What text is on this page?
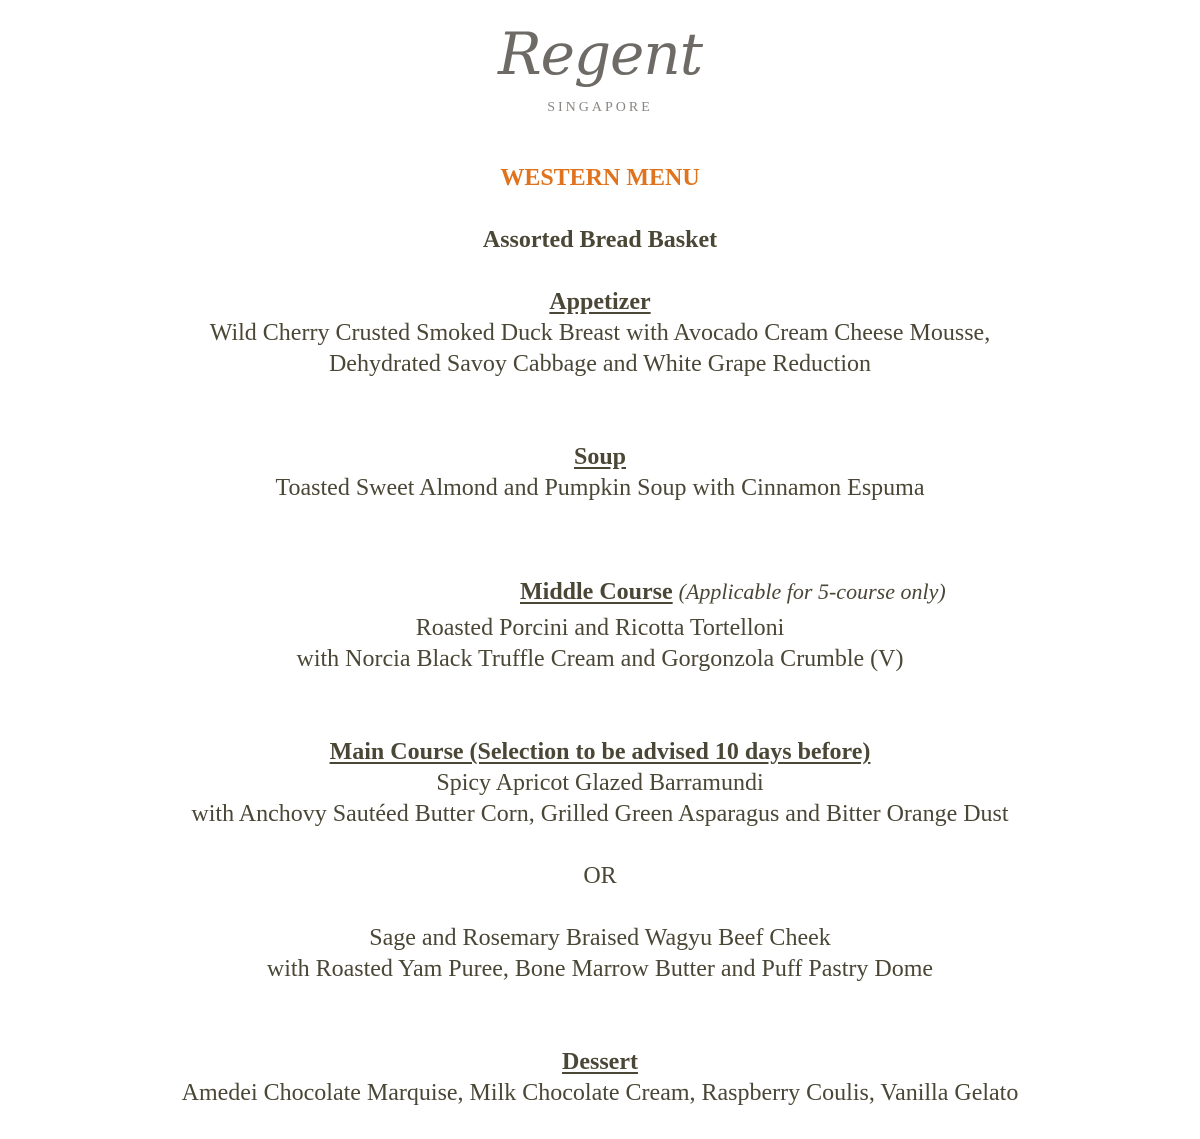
Regent
SINGAPORE
WESTERN MENU
Assorted Bread Basket
Appetizer
Wild Cherry Crusted Smoked Duck Breast with Avocado Cream Cheese Mousse,
Dehydrated Savoy Cabbage and White Grape Reduction
Soup
Toasted Sweet Almond and Pumpkin Soup with Cinnamon Espuma
Middle Course (Applicable for 5-course only)
Roasted Porcini and Ricotta Tortelloni
with Norcia Black Truffle Cream and Gorgonzola Crumble (V)
Main Course (Selection to be advised 10 days before)
Spicy Apricot Glazed Barramundi
with Anchovy Sautéed Butter Corn, Grilled Green Asparagus and Bitter Orange Dust
OR
Sage and Rosemary Braised Wagyu Beef Cheek
with Roasted Yam Puree, Bone Marrow Butter and Puff Pastry Dome
Dessert
Amedei Chocolate Marquise, Milk Chocolate Cream, Raspberry Coulis, Vanilla Gelato
